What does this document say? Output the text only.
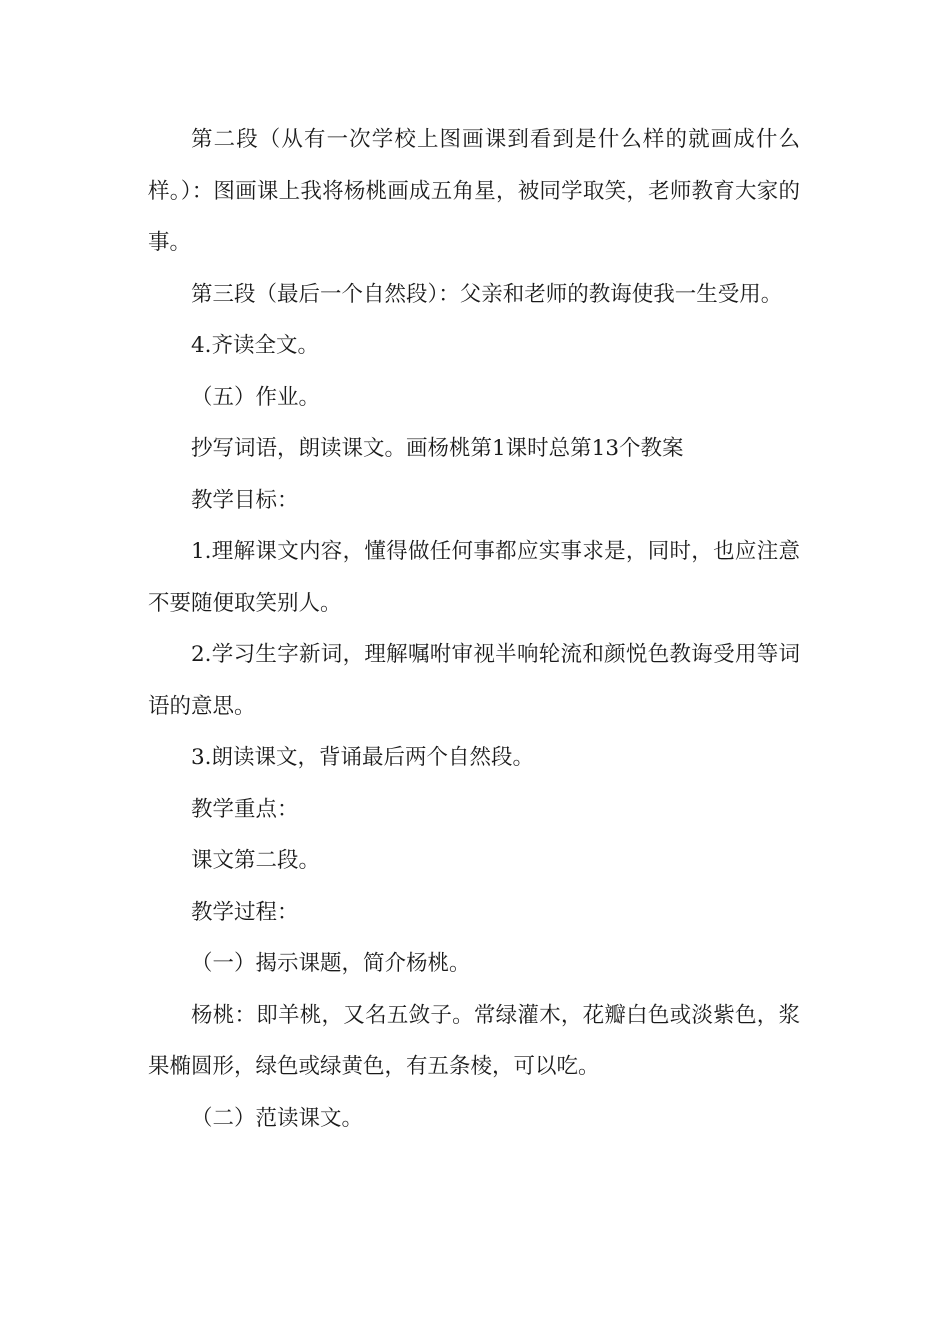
第二段（从有一次学校上图画课到看到是什么样的就画成什么样。）：图画课上我将杨桃画成五角星，被同学取笑，老师教育大家的事。

第三段（最后一个自然段）：父亲和老师的教诲使我一生受用。

4.齐读全文。

（五）作业。

抄写词语，朗读课文。画杨桃第1课时总第13个教案

教学目标：

1.理解课文内容，懂得做任何事都应实事求是，同时，也应注意不要随便取笑别人。

2.学习生字新词，理解嘱咐审视半响轮流和颜悦色教诲受用等词语的意思。

3.朗读课文，背诵最后两个自然段。

教学重点：

课文第二段。

教学过程：

（一）揭示课题，简介杨桃。

杨桃：即羊桃，又名五敛子。常绿灌木，花瓣白色或淡紫色，浆果椭圆形，绿色或绿黄色，有五条棱，可以吃。

（二）范读课文。
